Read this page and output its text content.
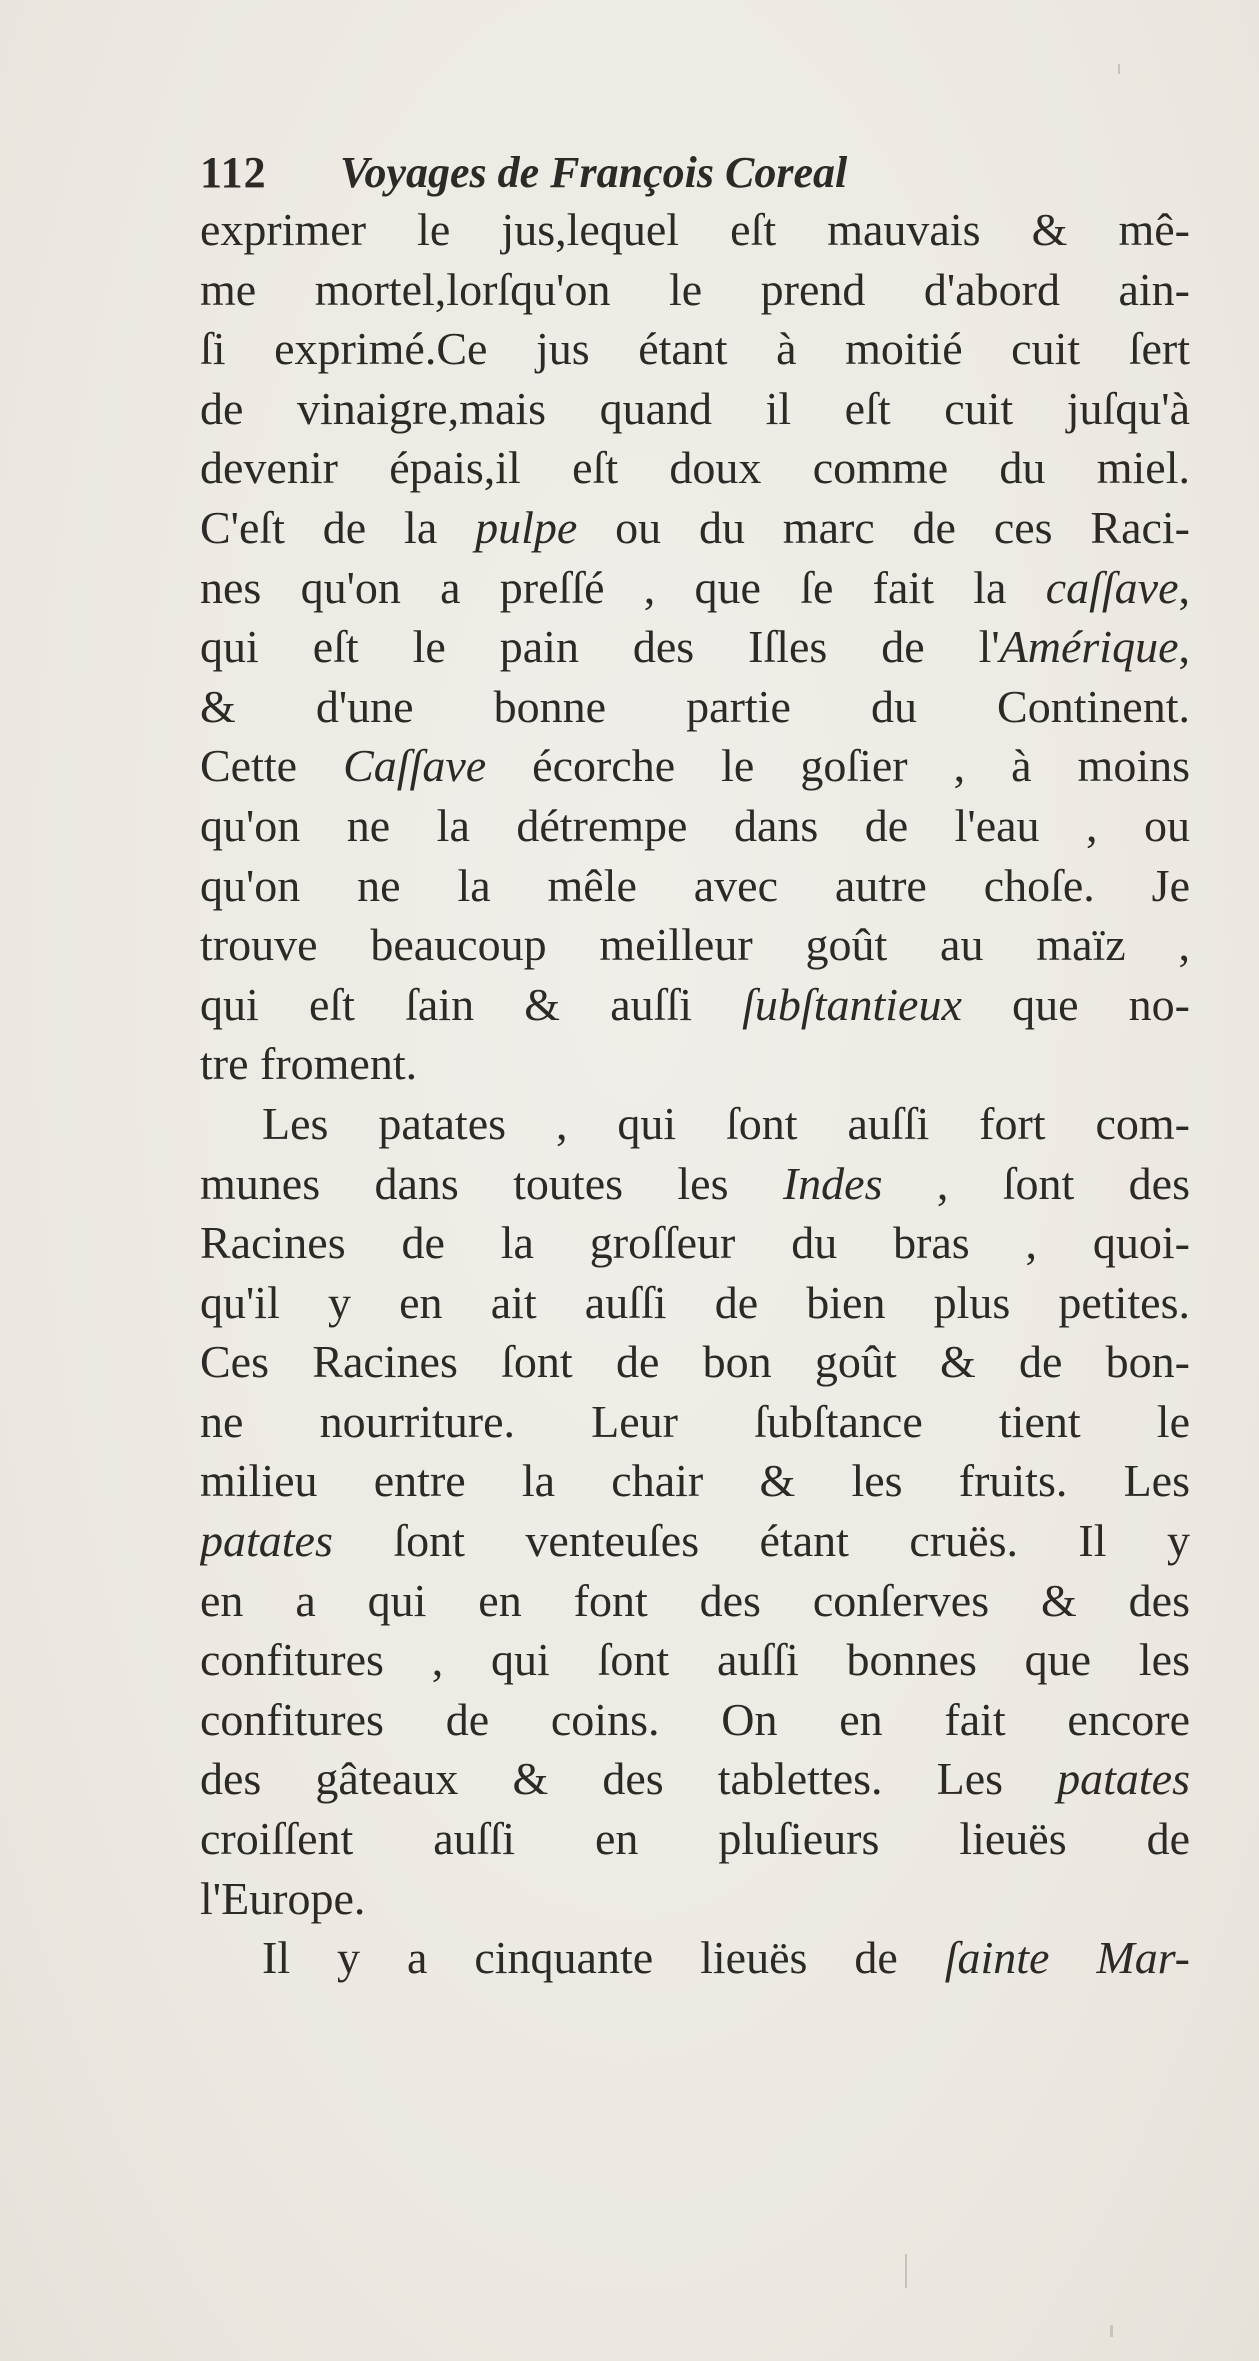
112 Voyages de François Coreal
exprimer le jus,lequel eſt mauvais & mê-
me mortel,lorſqu'on le prend d'abord ain-
ſi exprimé.Ce jus étant à moitié cuit ſert
de vinaigre,mais quand il eſt cuit juſqu'à
devenir épais,il eſt doux comme du miel.
C'eſt de la pulpe ou du marc de ces Raci-
nes qu'on a preſſé , que ſe fait la caſſave,
qui eſt le pain des Iſles de l'Amérique,
& d'une bonne partie du Continent.
Cette Caſſave écorche le goſier , à moins
qu'on ne la détrempe dans de l'eau , ou
qu'on ne la mêle avec autre choſe. Je
trouve beaucoup meilleur goût au maïz ,
qui eſt ſain & auſſi ſubſtantieux que no-
tre froment.
Les patates , qui ſont auſſi fort com-
munes dans toutes les Indes , ſont des
Racines de la groſſeur du bras , quoi-
qu'il y en ait auſſi de bien plus petites.
Ces Racines ſont de bon goût & de bon-
ne nourriture. Leur ſubſtance tient le
milieu entre la chair & les fruits. Les
patates ſont venteuſes étant cruës. Il y
en a qui en font des conſerves & des
confitures , qui ſont auſſi bonnes que les
confitures de coins. On en fait encore
des gâteaux & des tablettes. Les patates
croiſſent auſſi en pluſieurs lieuës de
l'Europe.
Il y a cinquante lieuës de ſainte Mar-
